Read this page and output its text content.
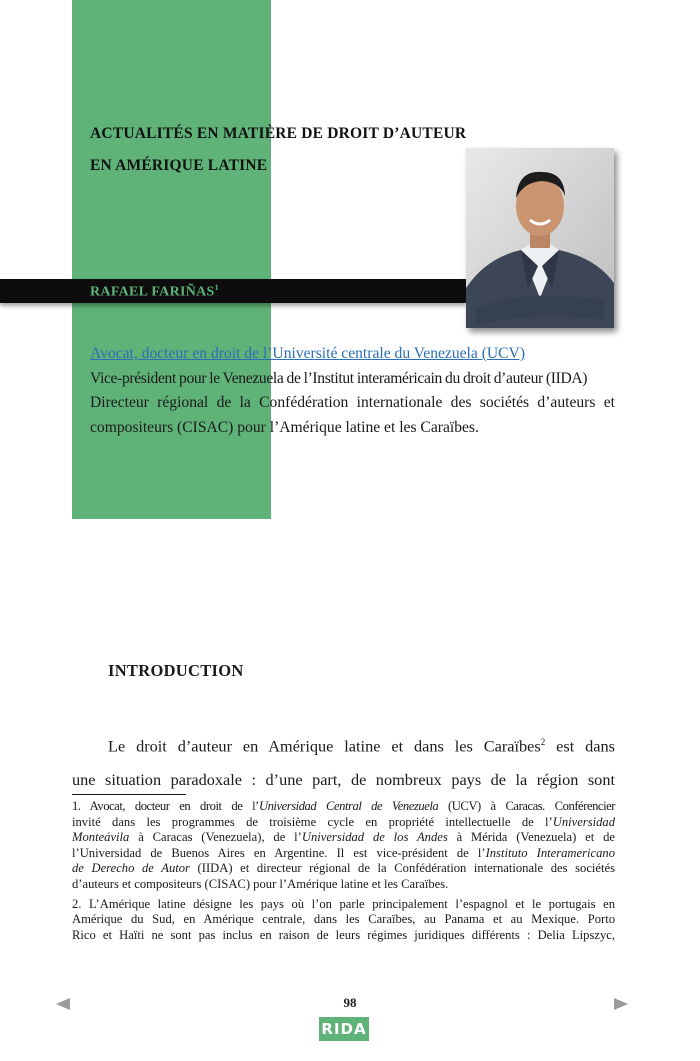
ACTUALITÉS EN MATIÈRE DE DROIT D’AUTEUR
EN AMÉRIQUE LATINE
RAFAEL FARIÑAS$^1$
Avocat, docteur en droit de l’Université centrale du Venezuela (UCV)
Vice-président pour le Venezuela de l’Institut interaméricain du droit d’auteur (IIDA)
Directeur régional de la Confédération internationale des sociétés d’auteurs et
compositeurs (CISAC) pour l’Amérique latine et les Caraïbes.
INTRODUCTION
Le droit d’auteur en Amérique latine et dans les Caraïbes$^2$ est dans
une situation paradoxale : d’une part, de nombreux pays de la région sont

1. Avocat, docteur en droit de l’Universidad Central de Venezuela (UCV) à Caracas. Conférencier
invité dans les programmes de troisième cycle en propriété intellectuelle de l’Universidad
Monteávila à Caracas (Venezuela), de l’Universidad de los Andes à Mérida (Venezuela) et de
l’Universidad de Buenos Aires en Argentine. Il est vice-président de l’Instituto Interamericano
de Derecho de Autor (IIDA) et directeur régional de la Confédération internationale des sociétés
d’auteurs et compositeurs (CISAC) pour l’Amérique latine et les Caraïbes.

2. L’Amérique latine désigne les pays où l’on parle principalement l’espagnol et le portugais en
Amérique du Sud, en Amérique centrale, dans les Caraïbes, au Panama et au Mexique. Porto
Rico et Haïti ne sont pas inclus en raison de leurs régimes juridiques différents : Delia Lipszyc,

98
RIDA
